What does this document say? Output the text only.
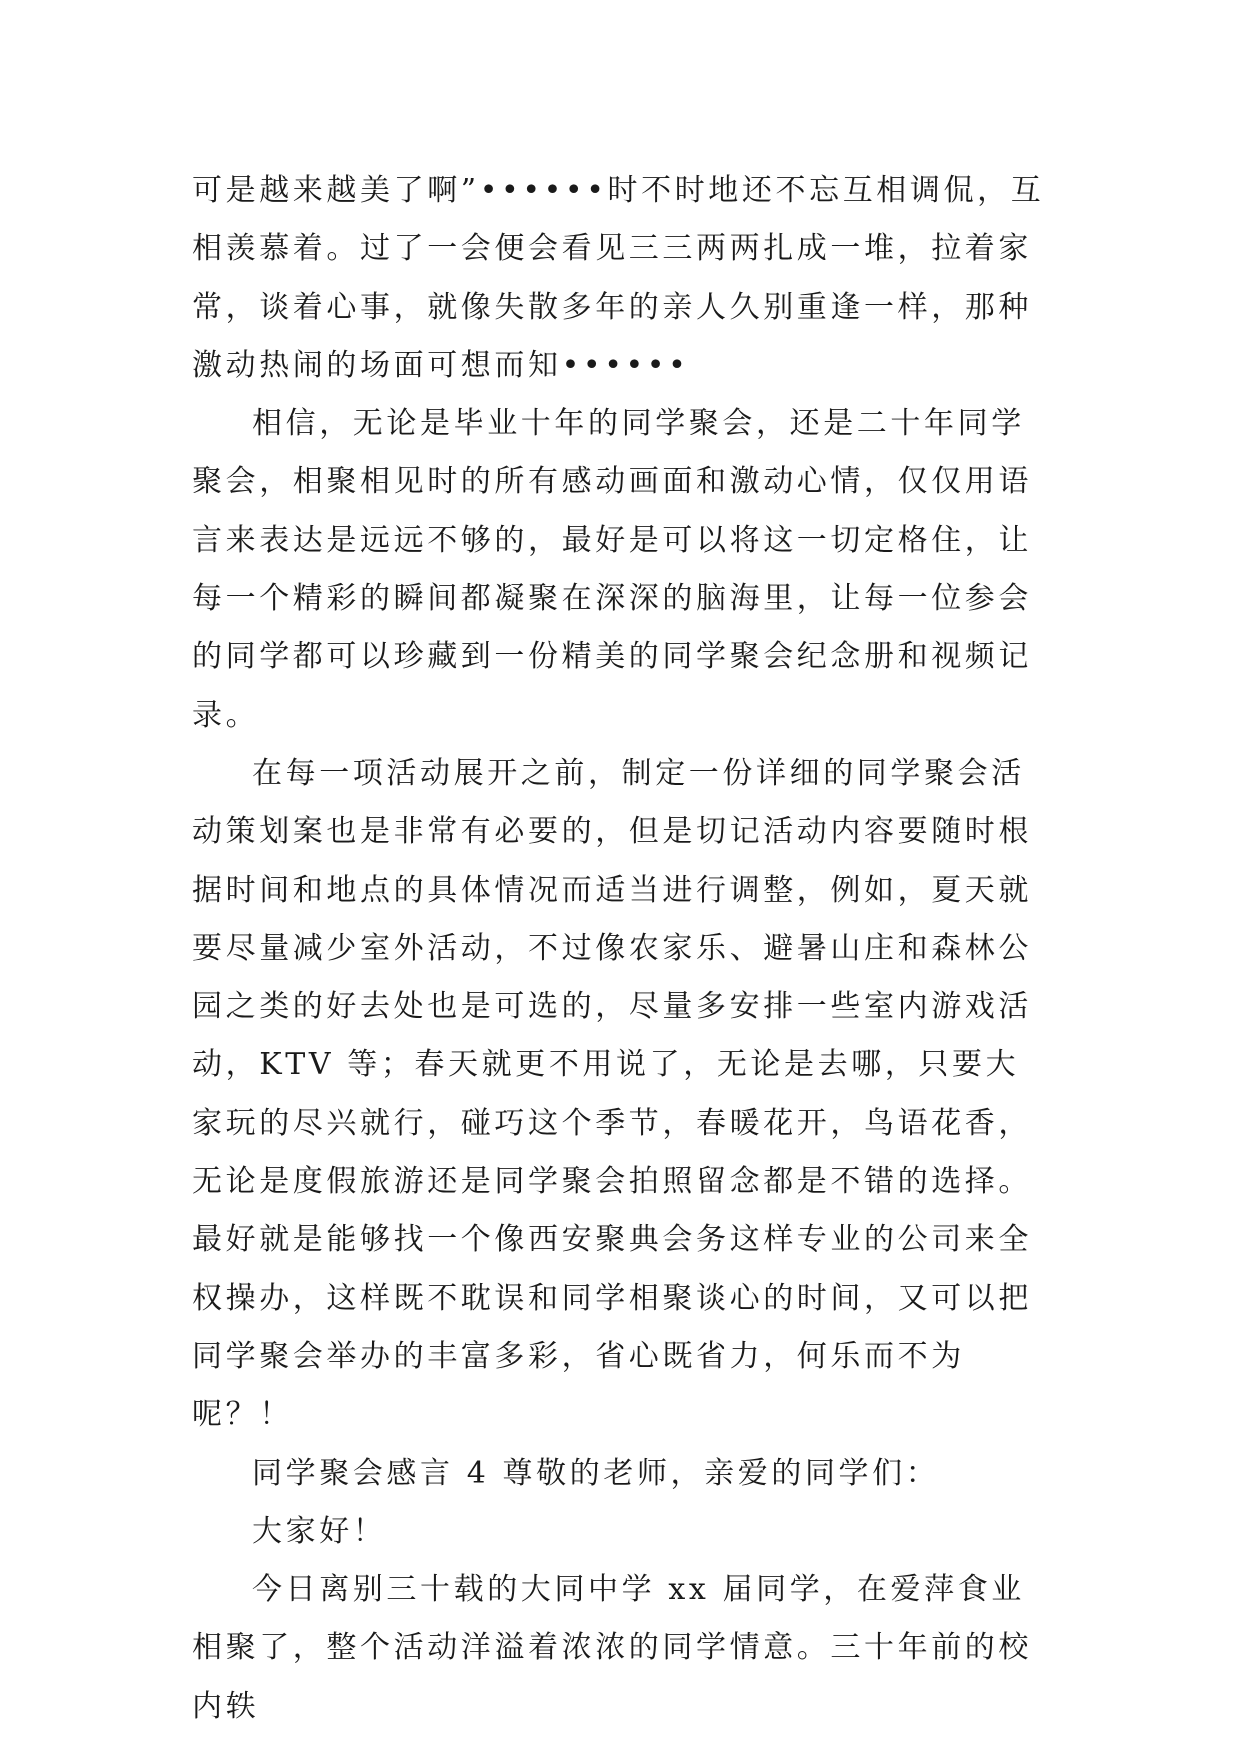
可是越来越美了啊”••••••时不时地还不忘互相调侃，互相羡慕着。过了一会便会看见三三两两扎成一堆，拉着家常，谈着心事，就像失散多年的亲人久别重逢一样，那种激动热闹的场面可想而知••••••

相信，无论是毕业十年的同学聚会，还是二十年同学聚会，相聚相见时的所有感动画面和激动心情，仅仅用语言来表达是远远不够的，最好是可以将这一切定格住，让每一个精彩的瞬间都凝聚在深深的脑海里，让每一位参会的同学都可以珍藏到一份精美的同学聚会纪念册和视频记录。

在每一项活动展开之前，制定一份详细的同学聚会活动策划案也是非常有必要的，但是切记活动内容要随时根据时间和地点的具体情况而适当进行调整，例如，夏天就要尽量减少室外活动，不过像农家乐、避暑山庄和森林公园之类的好去处也是可选的，尽量多安排一些室内游戏活动，KTV 等；春天就更不用说了，无论是去哪，只要大家玩的尽兴就行，碰巧这个季节，春暖花开，鸟语花香，无论是度假旅游还是同学聚会拍照留念都是不错的选择。最好就是能够找一个像西安聚典会务这样专业的公司来全权操办，这样既不耽误和同学相聚谈心的时间，又可以把同学聚会举办的丰富多彩，省心既省力，何乐而不为呢？！

同学聚会感言 4 尊敬的老师，亲爱的同学们：

大家好！

今日离别三十载的大同中学 xx 届同学，在爱萍食业相聚了，整个活动洋溢着浓浓的同学情意。三十年前的校内轶
